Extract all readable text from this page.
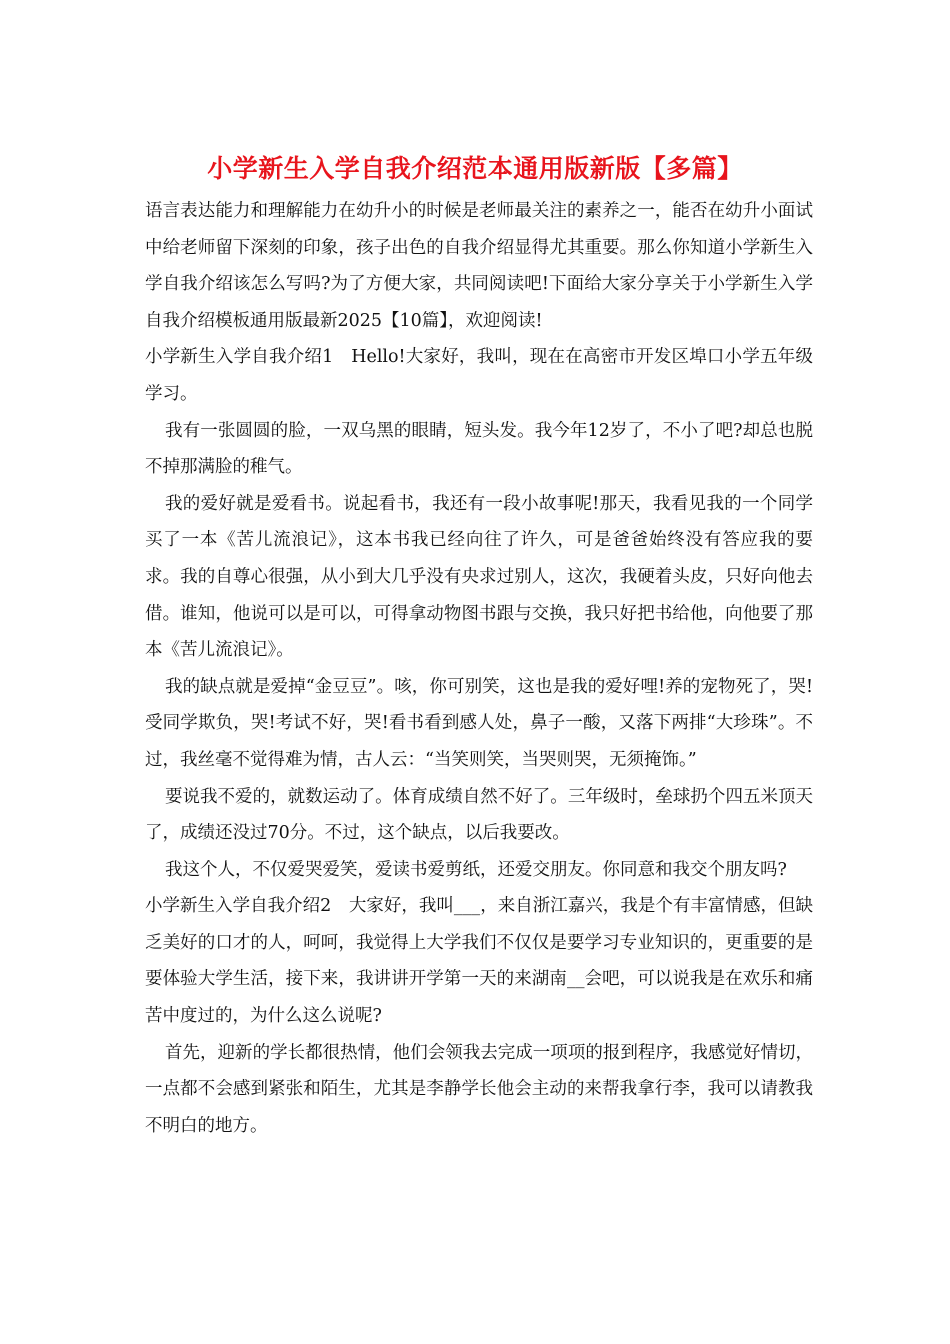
小学新生入学自我介绍范本通用版新版【多篇】

语言表达能力和理解能力在幼升小的时候是老师最关注的素养之一，能否在幼升小面试中给老师留下深刻的印象，孩子出色的自我介绍显得尤其重要。那么你知道小学新生入学自我介绍该怎么写吗?为了方便大家，共同阅读吧!下面给大家分享关于小学新生入学自我介绍模板通用版最新2025【10篇】，欢迎阅读!

小学新生入学自我介绍1　Hello!大家好，我叫，现在在高密市开发区埠口小学五年级学习。

我有一张圆圆的脸，一双乌黑的眼睛，短头发。我今年12岁了，不小了吧?却总也脱不掉那满脸的稚气。

我的爱好就是爱看书。说起看书，我还有一段小故事呢!那天，我看见我的一个同学买了一本《苦儿流浪记》，这本书我已经向往了许久，可是爸爸始终没有答应我的要求。我的自尊心很强，从小到大几乎没有央求过别人，这次，我硬着头皮，只好向他去借。谁知，他说可以是可以，可得拿动物图书跟与交换，我只好把书给他，向他要了那本《苦儿流浪记》。

我的缺点就是爱掉“金豆豆”。咳，你可别笑，这也是我的爱好哩!养的宠物死了，哭!受同学欺负，哭!考试不好，哭!看书看到感人处，鼻子一酸，又落下两排“大珍珠”。不过，我丝毫不觉得难为情，古人云：“当笑则笑，当哭则哭，无须掩饰。”

要说我不爱的，就数运动了。体育成绩自然不好了。三年级时，垒球扔个四五米顶天了，成绩还没过70分。不过，这个缺点，以后我要改。

我这个人，不仅爱哭爱笑，爱读书爱剪纸，还爱交朋友。你同意和我交个朋友吗?

小学新生入学自我介绍2　大家好，我叫___，来自浙江嘉兴，我是个有丰富情感，但缺乏美好的口才的人，呵呵，我觉得上大学我们不仅仅是要学习专业知识的，更重要的是要体验大学生活，接下来，我讲讲开学第一天的来湖南__会吧，可以说我是在欢乐和痛苦中度过的，为什么这么说呢?

首先，迎新的学长都很热情，他们会领我去完成一项项的报到程序，我感觉好情切，一点都不会感到紧张和陌生，尤其是李静学长他会主动的来帮我拿行李，我可以请教我不明白的地方。
